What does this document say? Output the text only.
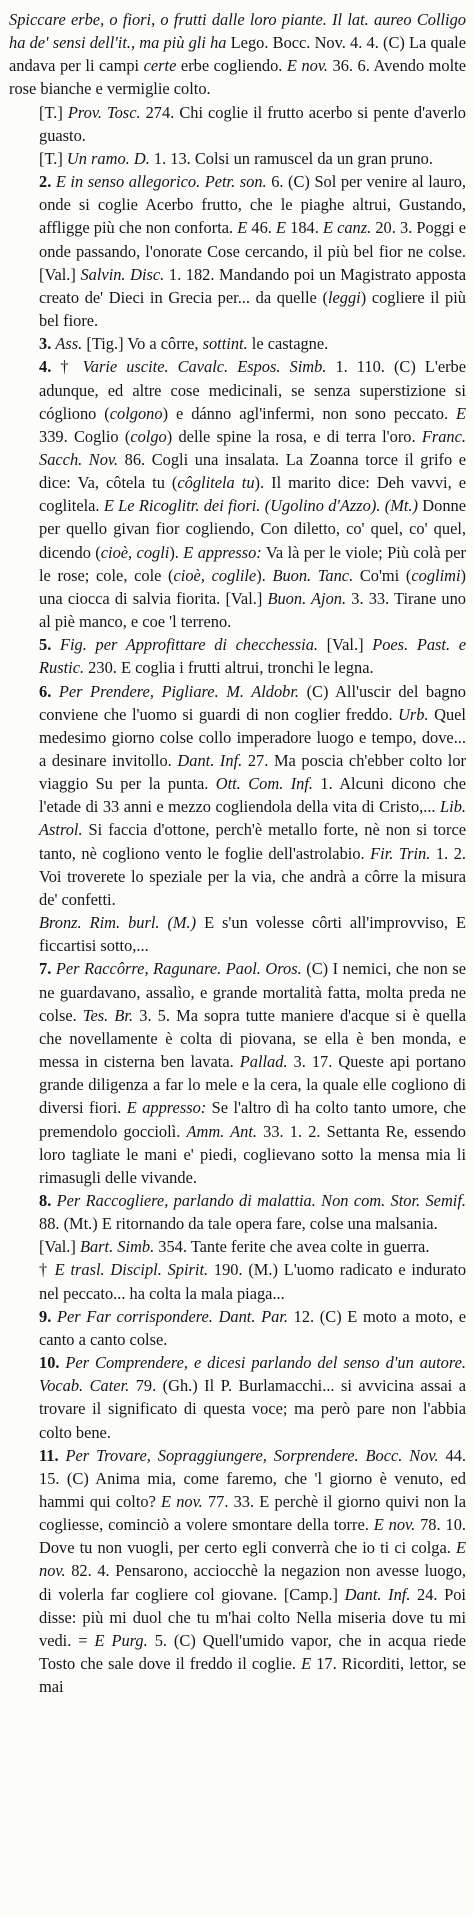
Spiccare erbe, o fiori, o frutti dalle loro piante. Il lat. aureo Colligo ha de' sensi dell'it., ma più gli ha Lego. Bocc. Nov. 4. 4. (C) La quale andava per li campi certe erbe cogliendo. E nov. 36. 6. Avendo molte rose bianche e vermiglie colto.

[T.] Prov. Tosc. 274. Chi coglie il frutto acerbo si pente d'averlo guasto.

[T.] Un ramo. D. 1. 13. Colsi un ramuscel da un gran pruno.

2. E in senso allegorico. Petr. son. 6. (C) Sol per venire al lauro, onde si coglie Acerbo frutto, che le piaghe altrui, Gustando, affligge più che non conforta. E 46. E 184. E canz. 20. 3. Poggi e onde passando, l'onorate Cose cercando, il più bel fior ne colse. [Val.] Salvin. Disc. 1. 182. Mandando poi un Magistrato apposta creato de' Dieci in Grecia per... da quelle (leggi) cogliere il più bel fiore.

3. Ass. [Tig.] Vo a côrre, sottint. le castagne.

4. † Varie uscite. Cavalc. Espos. Simb. 1. 110. (C) L'erbe adunque, ed altre cose medicinali, se senza superstizione si cógliono (colgono) e dánno agl'infermi, non sono peccato. E 339. Coglio (colgo) delle spine la rosa, e di terra l'oro. Franc. Sacch. Nov. 86. Cogli una insalata. La Zoanna torce il grifo e dice: Va, côtela tu (côglitela tu). Il marito dice: Deh vavvi, e coglitela. E Le Ricoglitr. dei fiori. (Ugolino d'Azzo). (Mt.) Donne per quello givan fior cogliendo, Con diletto, co' quel, co' quel, dicendo (cioè, cogli). E appresso: Va là per le viole; Più colà per le rose; cole, cole (cioè, coglile). Buon. Tanc. Co'mi (coglimi) una ciocca di salvia fiorita. [Val.] Buon. Ajon. 3. 33. Tirane uno al piè manco, e coe 'l terreno.

5. Fig. per Approfittare di checchessia. [Val.] Poes. Past. e Rustic. 230. E coglia i frutti altrui, tronchi le legna.

6. Per Prendere, Pigliare. M. Aldobr. (C) All'uscir del bagno conviene che l'uomo si guardi di non coglier freddo. Urb. Quel medesimo giorno colse collo imperadore luogo e tempo, dove... a desinare invitollo. Dant. Inf. 27. Ma poscia ch'ebber colto lor viaggio Su per la punta. Ott. Com. Inf. 1. Alcuni dicono che l'etade di 33 anni e mezzo cogliendola della vita di Cristo,... Lib. Astrol. Si faccia d'ottone, perch'è metallo forte, nè non si torce tanto, nè cogliono vento le foglie dell'astrolabio. Fir. Trin. 1. 2. Voi troverete lo speziale per la via, che andrà a côrre la misura de' confetti.

Bronz. Rim. burl. (M.) E s'un volesse côrti all'improvviso, E ficcartisi sotto,...

7. Per Raccôrre, Ragunare. Paol. Oros. (C) I nemici, che non se ne guardavano, assalìo, e grande mortalità fatta, molta preda ne colse. Tes. Br. 3. 5. Ma sopra tutte maniere d'acque si è quella che novellamente è colta di piovana, se ella è ben monda, e messa in cisterna ben lavata. Pallad. 3. 17. Queste api portano grande diligenza a far lo mele e la cera, la quale elle cogliono di diversi fiori. E appresso: Se l'altro dì ha colto tanto umore, che premendolo gocciolì. Amm. Ant. 33. 1. 2. Settanta Re, essendo loro tagliate le mani e' piedi, coglievano sotto la mensa mia li rimasugli delle vivande.

8. Per Raccogliere, parlando di malattia. Non com. Stor. Semif. 88. (Mt.) E ritornando da tale opera fare, colse una malsania.

[Val.] Bart. Simb. 354. Tante ferite che avea colte in guerra.

† E trasl. Discipl. Spirit. 190. (M.) L'uomo radicato e indurato nel peccato... ha colta la mala piaga...

9. Per Far corrispondere. Dant. Par. 12. (C) E moto a moto, e canto a canto colse.

10. Per Comprendere, e dicesi parlando del senso d'un autore. Vocab. Cater. 79. (Gh.) Il P. Burlamacchi... si avvicina assai a trovare il significato di questa voce; ma però pare non l'abbia colto bene.

11. Per Trovare, Sopraggiungere, Sorprendere. Bocc. Nov. 44. 15. (C) Anima mia, come faremo, che 'l giorno è venuto, ed hammi qui colto? E nov. 77. 33. E perchè il giorno quivi non la cogliesse, cominciò a volere smontare della torre. E nov. 78. 10. Dove tu non vuogli, per certo egli converrà che io ti ci colga. E nov. 82. 4. Pensarono, acciocchè la negazion non avesse luogo, di volerla far cogliere col giovane. [Camp.] Dant. Inf. 24. Poi disse: più mi duol che tu m'hai colto Nella miseria dove tu mi vedi. = E Purg. 5. (C) Quell'umido vapor, che in acqua riede Tosto che sale dove il freddo il coglie. E 17. Ricorditi, lettor, se mai
